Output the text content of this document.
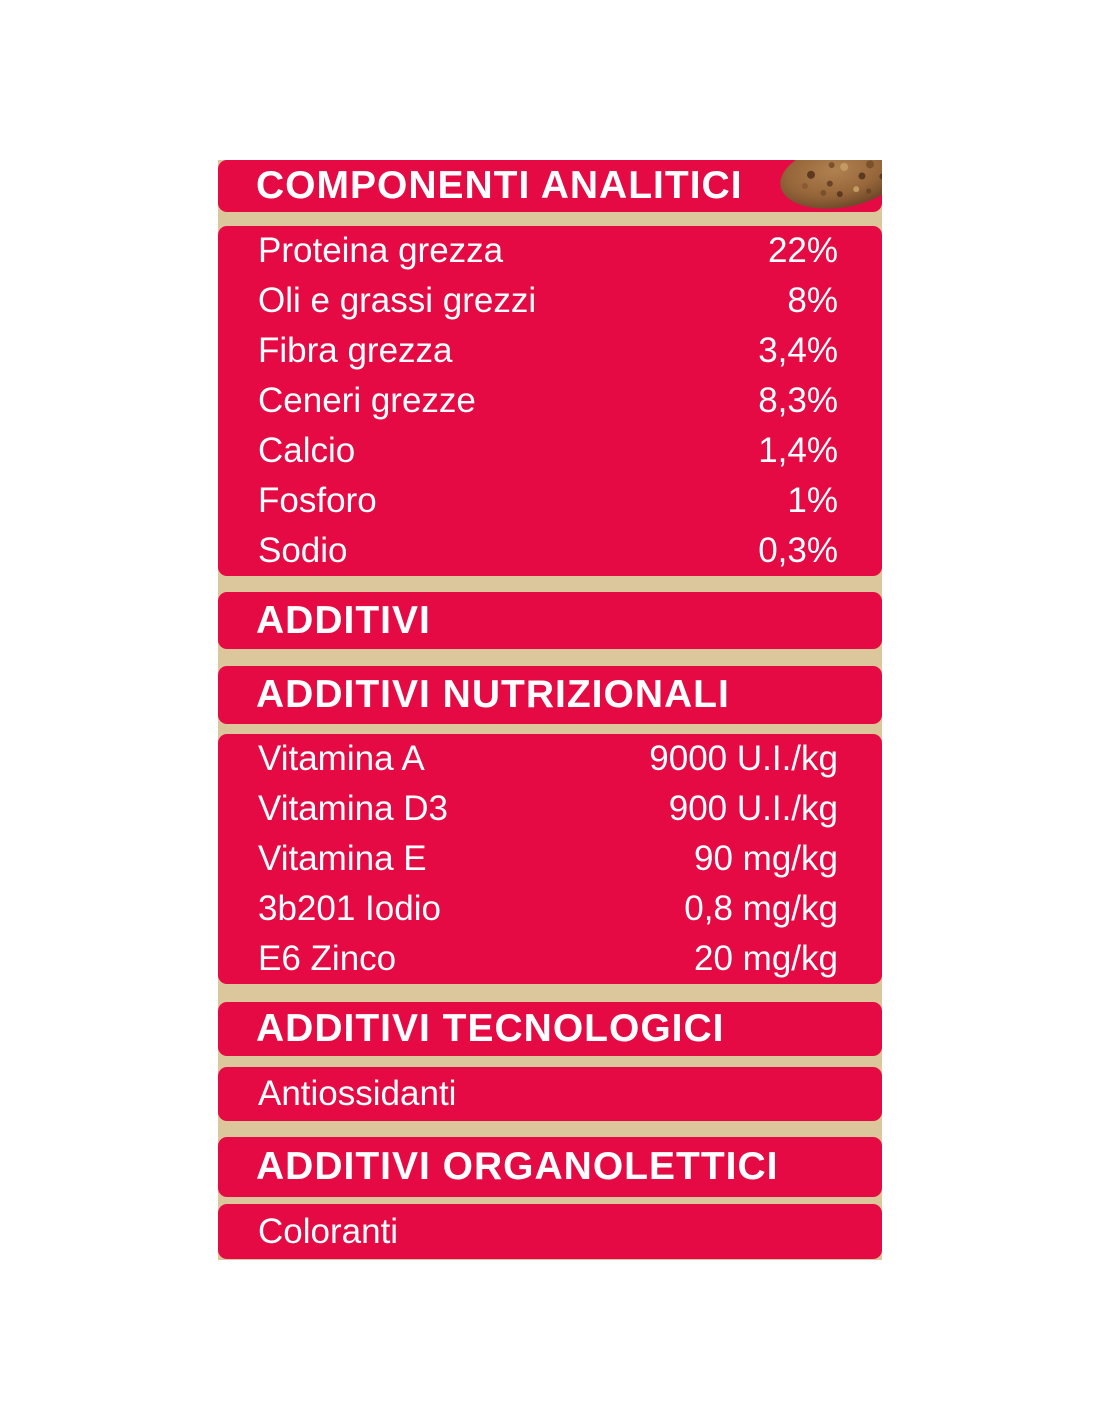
COMPONENTI ANALITICI
Proteina grezza	22%
Oli e grassi grezzi	8%
Fibra grezza	3,4%
Ceneri grezze	8,3%
Calcio	1,4%
Fosforo	1%
Sodio	0,3%
ADDITIVI
ADDITIVI NUTRIZIONALI
Vitamina A	9000 U.I./kg
Vitamina D3	900 U.I./kg
Vitamina E	90 mg/kg
3b201 Iodio	0,8 mg/kg
E6 Zinco	20 mg/kg
ADDITIVI TECNOLOGICI
Antiossidanti
ADDITIVI ORGANOLETTICI
Coloranti
